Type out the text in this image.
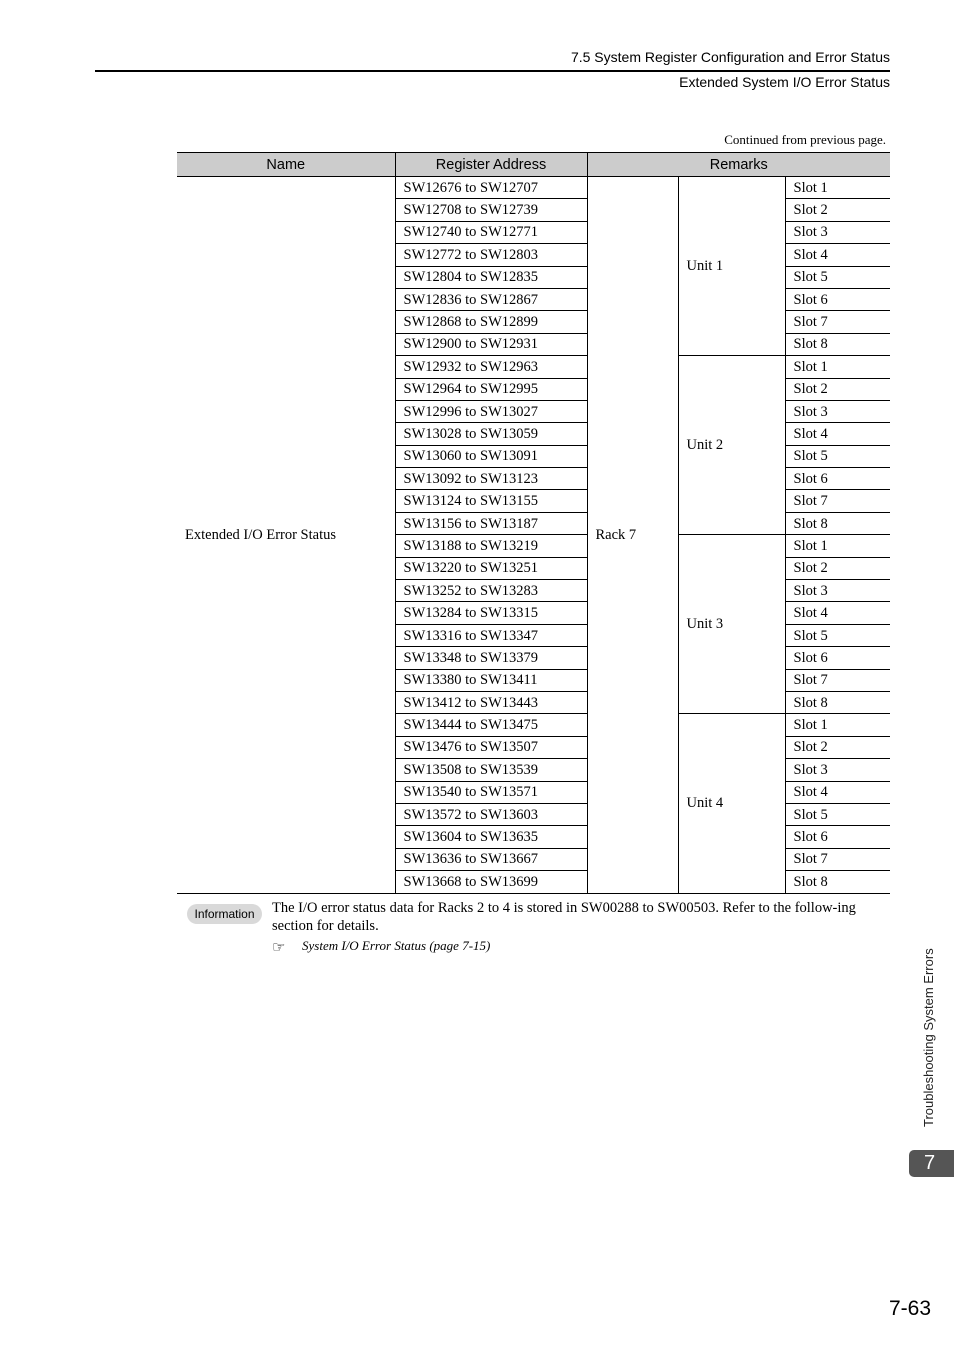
7.5 System Register Configuration and Error Status
Extended System I/O Error Status
Continued from previous page.
Name	Register Address	Remarks		
Extended I/O Error Status	SW12676 to SW12707	Rack 7	Unit 1	Slot 1
	SW12708 to SW12739			Slot 2
	SW12740 to SW12771			Slot 3
	SW12772 to SW12803			Slot 4
	SW12804 to SW12835			Slot 5
	SW12836 to SW12867			Slot 6
	SW12868 to SW12899			Slot 7
	SW12900 to SW12931			Slot 8
	SW12932 to SW12963		Unit 2	Slot 1
	SW12964 to SW12995			Slot 2
	SW12996 to SW13027			Slot 3
	SW13028 to SW13059			Slot 4
	SW13060 to SW13091			Slot 5
	SW13092 to SW13123			Slot 6
	SW13124 to SW13155			Slot 7
	SW13156 to SW13187			Slot 8
	SW13188 to SW13219		Unit 3	Slot 1
	SW13220 to SW13251			Slot 2
	SW13252 to SW13283			Slot 3
	SW13284 to SW13315			Slot 4
	SW13316 to SW13347			Slot 5
	SW13348 to SW13379			Slot 6
	SW13380 to SW13411			Slot 7
	SW13412 to SW13443			Slot 8
	SW13444 to SW13475		Unit 4	Slot 1
	SW13476 to SW13507			Slot 2
	SW13508 to SW13539			Slot 3
	SW13540 to SW13571			Slot 4
	SW13572 to SW13603			Slot 5
	SW13604 to SW13635			Slot 6
	SW13636 to SW13667			Slot 7
	SW13668 to SW13699			Slot 8
Information	The I/O error status data for Racks 2 to 4 is stored in SW00288 to SW00503. Refer to the follow-ing section for details.
☞ System I/O Error Status (page 7-15)
Troubleshooting System Errors
7
7-63
